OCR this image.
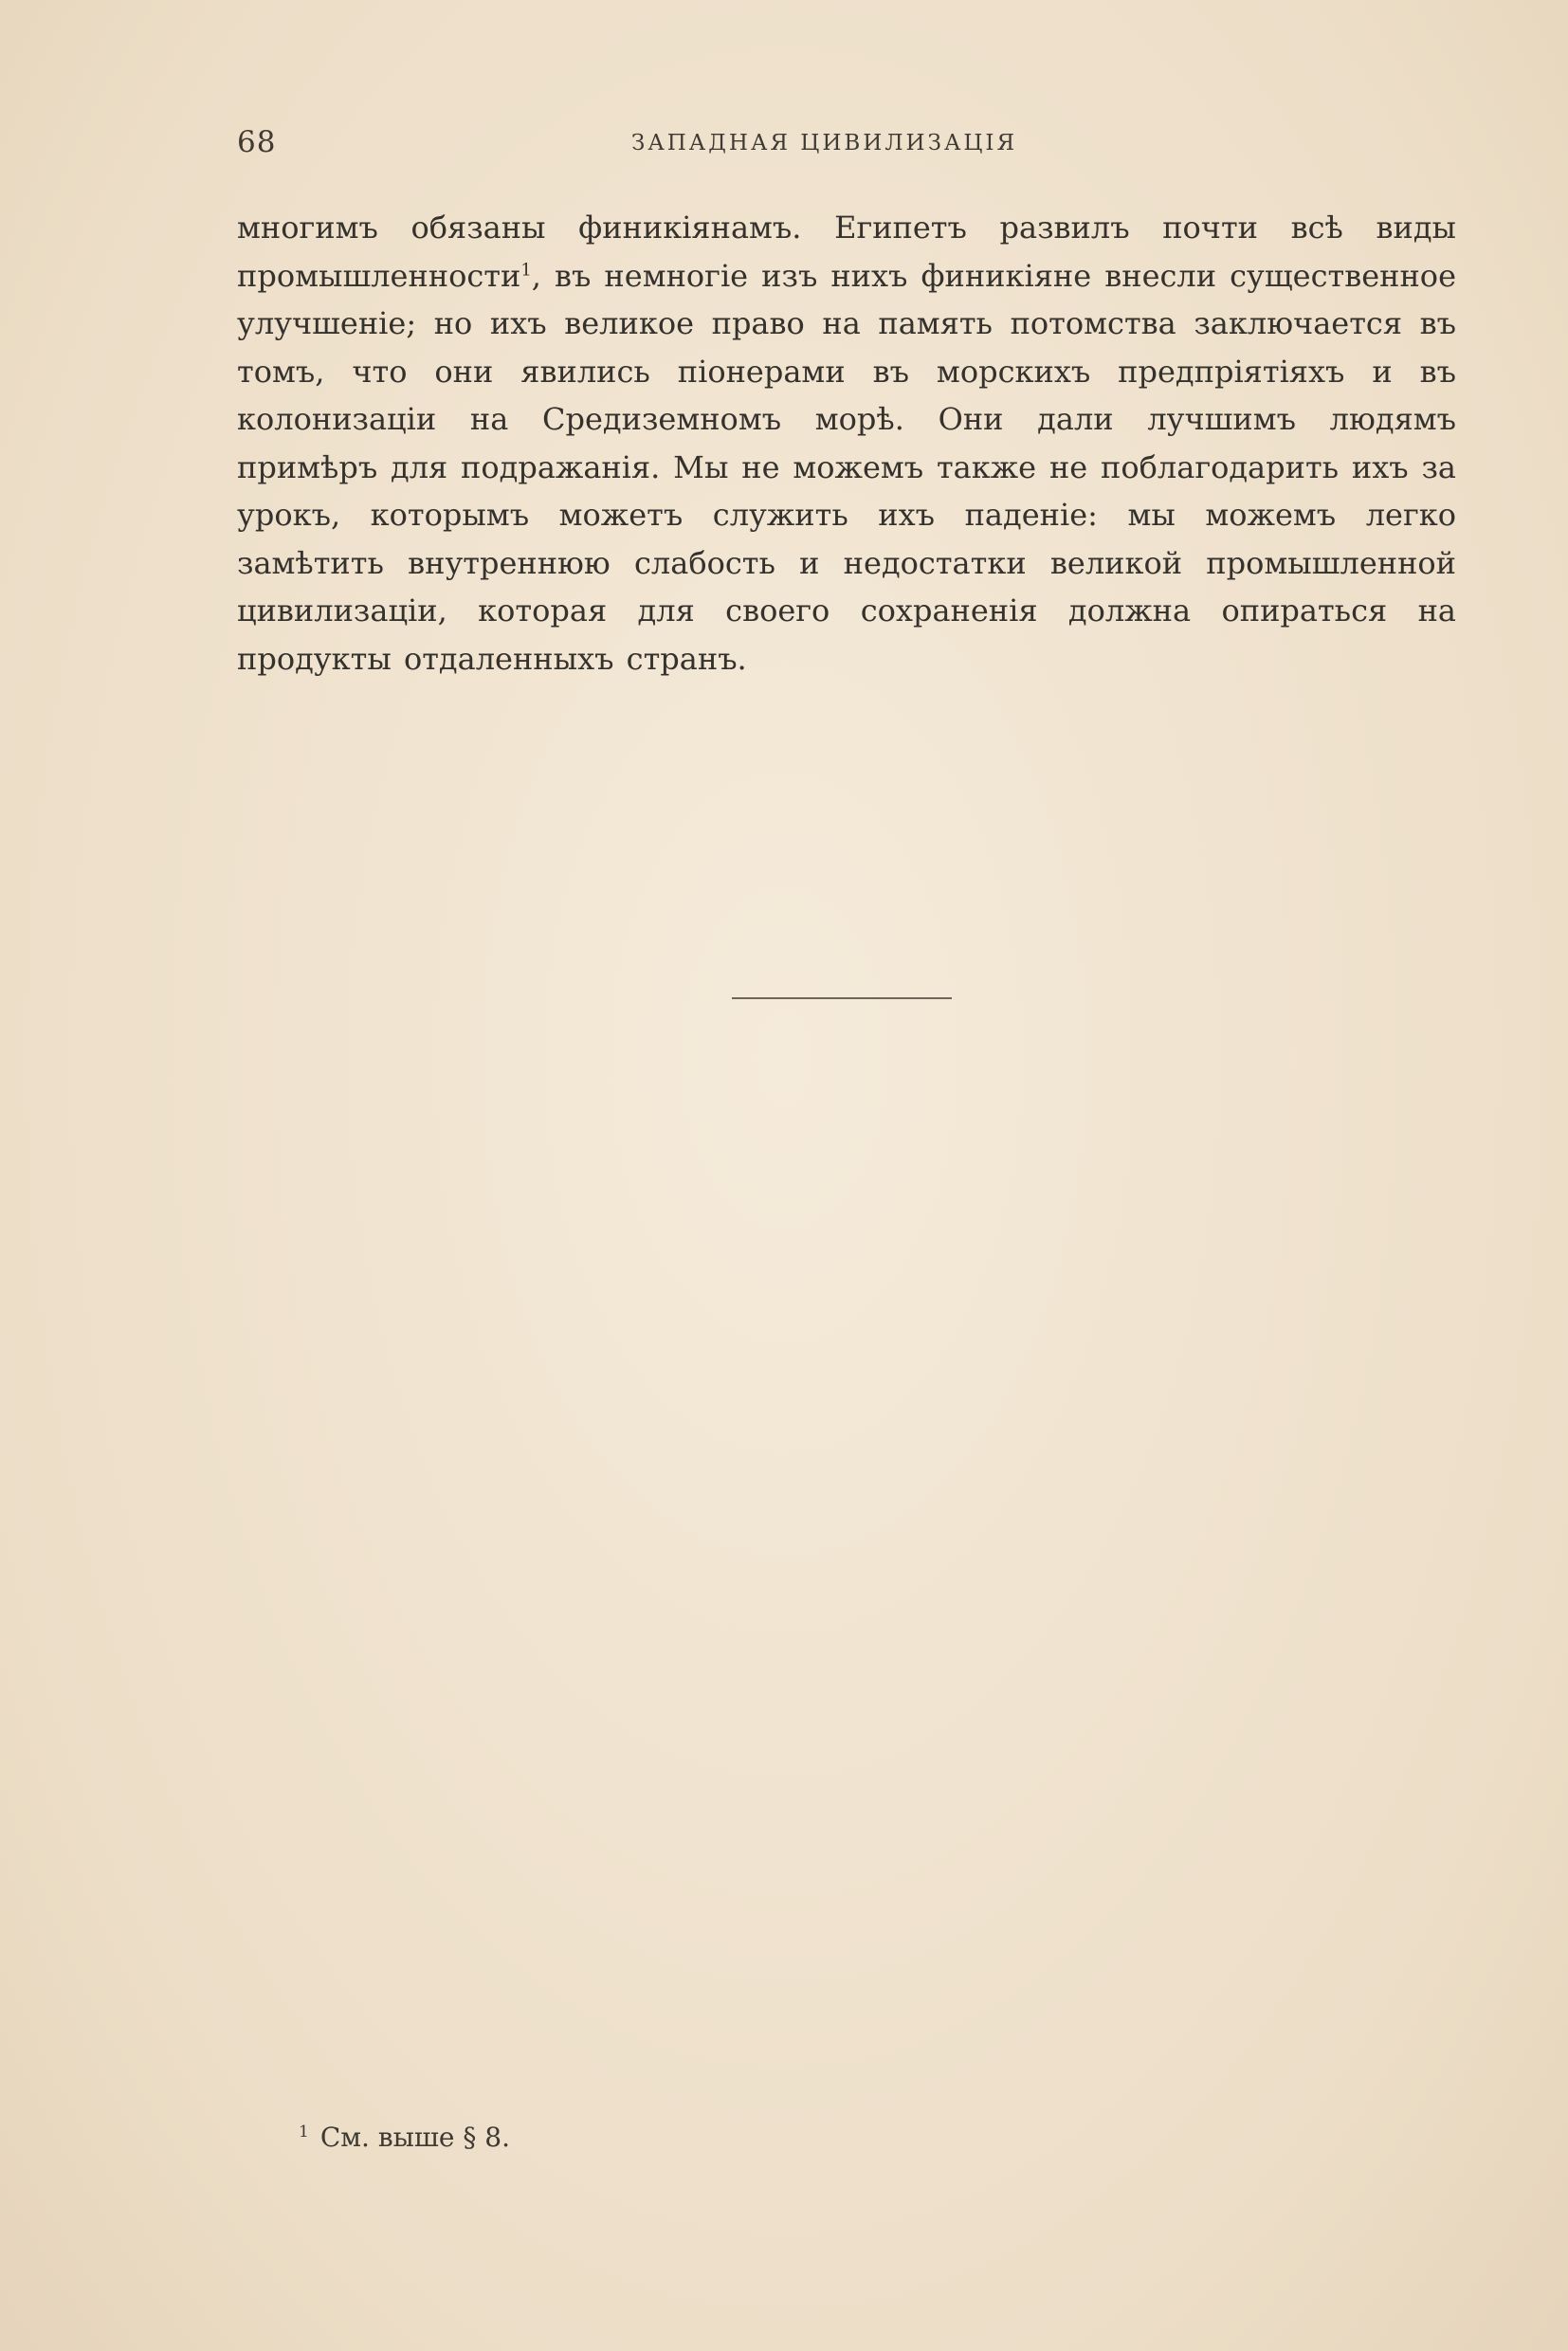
68	ЗАПАДНАЯ ЦИВИЛИЗАЦІЯ

многимъ обязаны финикіянамъ. Египетъ развилъ почти всѣ виды промышленности$^1$, въ немногіе изъ нихъ финикіяне внесли существенное улучшеніе; но ихъ великое право на память потомства заключается въ томъ, что они явились піонерами въ морскихъ предпріятіяхъ и въ колонизаціи на Средиземномъ морѣ. Они дали лучшимъ людямъ примѣръ для подражанія. Мы не можемъ также не поблагодарить ихъ за урокъ, которымъ можетъ служить ихъ паденіе: мы можемъ легко замѣтить внутреннюю слабость и недостатки великой промышленной цивилизаціи, которая для своего сохраненія должна опираться на продукты отдаленныхъ странъ.

$^1$ См. выше § 8.
